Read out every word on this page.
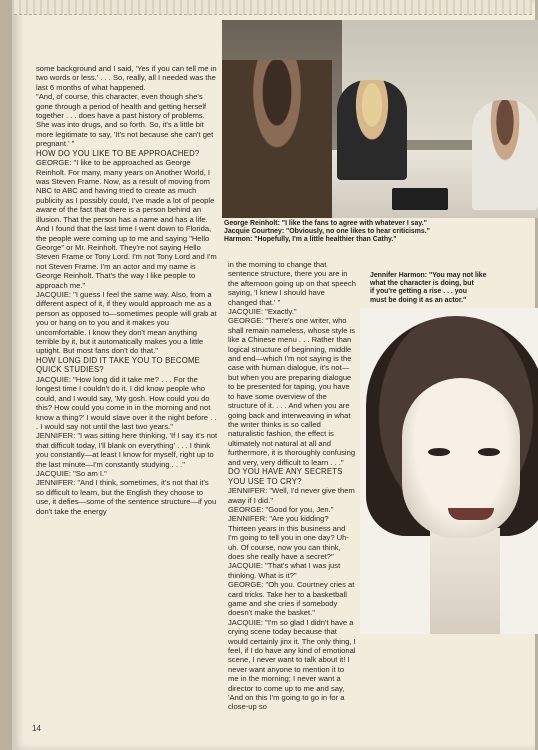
George Reinholt: "I like the fans to agree with whatever I say."
Jacquie Courtney: "Obviously, no one likes to hear criticisms."
Harmon: "Hopefully, I'm a little healthier than Cathy."

some background and I said, 'Yes if you can tell me in two words or less.' . . . So, really, all I needed was the last 6 months of what happened.

"And, of course, this character, even though she's gone through a period of health and getting herself together . . . does have a past history of problems. She was into drugs, and so forth. So, it's a little bit more legitimate to say, 'It's not because she can't get pregnant.' "

HOW DO YOU LIKE TO BE APPROACHED?

GEORGE: "I like to be approached as George Reinholt. For many, many years on Another World, I was Steven Frame. Now, as a result of moving from NBC to ABC and having tried to create as much publicity as I possibly could, I've made a lot of people aware of the fact that there is a person behind an illusion. That the person has a name and has a life. And I found that the last time I went down to Florida, the people were coming up to me and saying "Hello George" or Mr. Reinholt. They're not saying Hello Steven Frame or Tony Lord. I'm not Tony Lord and I'm not Steven Frame. I'm an actor and my name is George Reinholt. That's the way I like people to approach me."

JACQUIE: "I guess I feel the same way. Also, from a different aspect of it, if they would approach me as a person as opposed to—sometimes people will grab at you or hang on to you and it makes you uncomfortable. I know they don't mean anything terrible by it, but it automatically makes you a little uptight. But most fans don't do that."

HOW LONG DID IT TAKE YOU TO BECOME QUICK STUDIES?

JACQUIE: "How long did it take me? . . . For the longest time I couldn't do it. I did know people who could, and I would say, 'My gosh. How could you do this? How could you come in in the morning and not know a thing?' I would slave over it the night before . . . I would say not until the last two years."

JENNIFER: "I was sitting here thinking, 'If I say it's not that difficult today, I'll blank on everything' . . . I think you constantly—at least I know for myself, right up to the last minute—I'm constantly studying . . ."

JACQUIE: "So am I."

JENNIFER: "And I think, sometimes, it's not that it's so difficult to learn, but the English they choose to use, it defies—some of the sentence structure—if you don't take the energy

in the morning to change that sentence structure, there you are in the afternoon going up on that speech saying, 'I knew I should have changed that.' "

JACQUIE: "Exactly."

GEORGE: "There's one writer, who shall remain nameless, whose style is like a Chinese menu . . . Rather than logical structure of beginning, middle and end—which I'm not saying is the case with human dialogue, it's not—but when you are preparing dialogue to be presented for taping, you have to have some overview of the structure of it. . . . And when you are going back and interweaving in what the writer thinks is so called naturalistic fashion, the effect is ultimately not natural at all and furthermore, it is thoroughly confusing and very, very difficult to learn . . ."

DO YOU HAVE ANY SECRETS YOU USE TO CRY?

JENNIFER: "Well, I'd never give them away if I did."

GEORGE: "Good for you, Jen."

JENNIFER: "Are you kidding? Thirteen years in this business and I'm going to tell you in one day? Uh-uh. Of course, now you can think, does she really have a secret?"

JACQUIE: "That's what I was just thinking. What is it?"

GEORGE: "Oh you. Courtney cries at card tricks. Take her to a basketball game and she cries if somebody doesn't make the basket."

JACQUIE: "I'm so glad I didn't have a crying scene today because that would certainly jinx it. The only thing, I feel, if I do have any kind of emotional scene, I never want to talk about it! I never want anyone to mention it to me in the morning; I never want a director to come up to me and say, 'And on this I'm going to go in for a close-up so

Jennifer Harmon: "You may not like
what the character is doing, but
if you're getting a rise . . . you
must be doing it as an actor."
14
